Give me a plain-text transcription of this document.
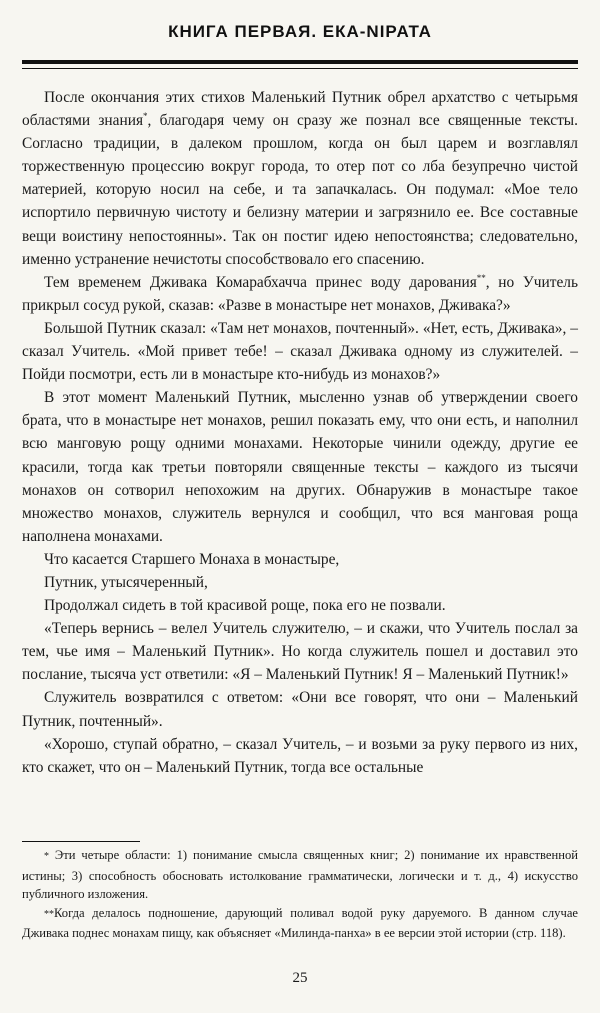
КНИГА ПЕРВАЯ. ЕКА-NIPATA

После окончания этих стихов Маленький Путник обрел архатство с четырьмя областями знания*, благодаря чему он сразу же познал все священные тексты. Согласно традиции, в далеком прошлом, когда он был царем и возглавлял торжественную процессию вокруг города, то отер пот со лба безупречно чистой материей, которую носил на себе, и та запачкалась. Он подумал: «Мое тело испортило первичную чистоту и белизну материи и загрязнило ее. Все составные вещи воистину непостоянны». Так он постиг идею непостоянства; следовательно, именно устранение нечистоты способствовало его спасению.

Тем временем Дживака Комарабхачча принес воду дарования**, но Учитель прикрыл сосуд рукой, сказав: «Разве в монастыре нет монахов, Дживака?»

Большой Путник сказал: «Там нет монахов, почтенный». «Нет, есть, Дживака», – сказал Учитель. «Мой привет тебе! – сказал Дживака одному из служителей. – Пойди посмотри, есть ли в монастыре кто-нибудь из монахов?»

В этот момент Маленький Путник, мысленно узнав об утверждении своего брата, что в монастыре нет монахов, решил показать ему, что они есть, и наполнил всю манговую рощу одними монахами. Некоторые чинили одежду, другие ее красили, тогда как третьи повторяли священные тексты – каждого из тысячи монахов он сотворил непохожим на других. Обнаружив в монастыре такое множество монахов, служитель вернулся и сообщил, что вся манговая роща наполнена монахами.

Что касается Старшего Монаха в монастыре,

Путник, утысячеренный,

Продолжал сидеть в той красивой роще, пока его не позвали.

«Теперь вернись – велел Учитель служителю, – и скажи, что Учитель послал за тем, чье имя – Маленький Путник». Но когда служитель пошел и доставил это послание, тысяча уст ответили: «Я – Маленький Путник! Я – Маленький Путник!»

Служитель возвратился с ответом: «Они все говорят, что они – Маленький Путник, почтенный».

«Хорошо, ступай обратно, – сказал Учитель, – и возьми за руку первого из них, кто скажет, что он – Маленький Путник, тогда все остальные

* Эти четыре области: 1) понимание смысла священных книг; 2) понимание их нравственной истины; 3) способность обосновать истолкование грамматически, логически и т. д., 4) искусство публичного изложения.

**Когда делалось подношение, дарующий поливал водой руку даруемого. В данном случае Дживака поднес монахам пищу, как объясняет «Милинда-панха» в ее версии этой истории (стр. 118).

25
